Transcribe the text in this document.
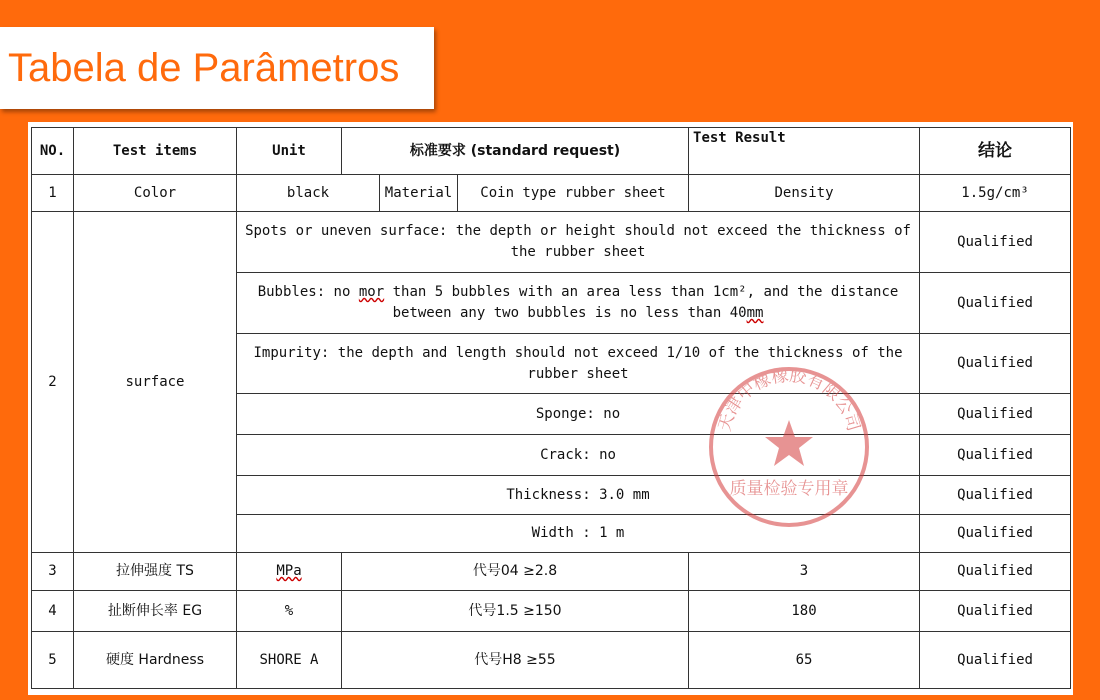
Tabela de Parâmetros
NO.	Test items	Unit	标准要求 (standard request)			Test Result	结论
1	Color	black		Material	Coin type rubber sheet	Density	1.5g/cm³
2	surface	Spots or uneven surface: the depth or height should not exceed the thickness of the rubber sheet					Qualified
		Bubbles: no mor than 5 bubbles with an area less than 1cm², and the distance between any two bubbles is no less than 40mm					Qualified
		Impurity: the depth and length should not exceed 1/10 of the thickness of the rubber sheet					Qualified
		Sponge: no					Qualified
		Crack: no					Qualified
		Thickness: 3.0 mm					Qualified
		Width : 1 m					Qualified
3	拉伸强度 TS	MPa	代号04 ≥2.8			3	Qualified
4	扯断伸长率 EG	%	代号1.5 ≥150			180	Qualified
5	硬度 Hardness	SHORE A	代号H8 ≥55			65	Qualified
天津中橡橡胶有限公司
质量检验专用章
